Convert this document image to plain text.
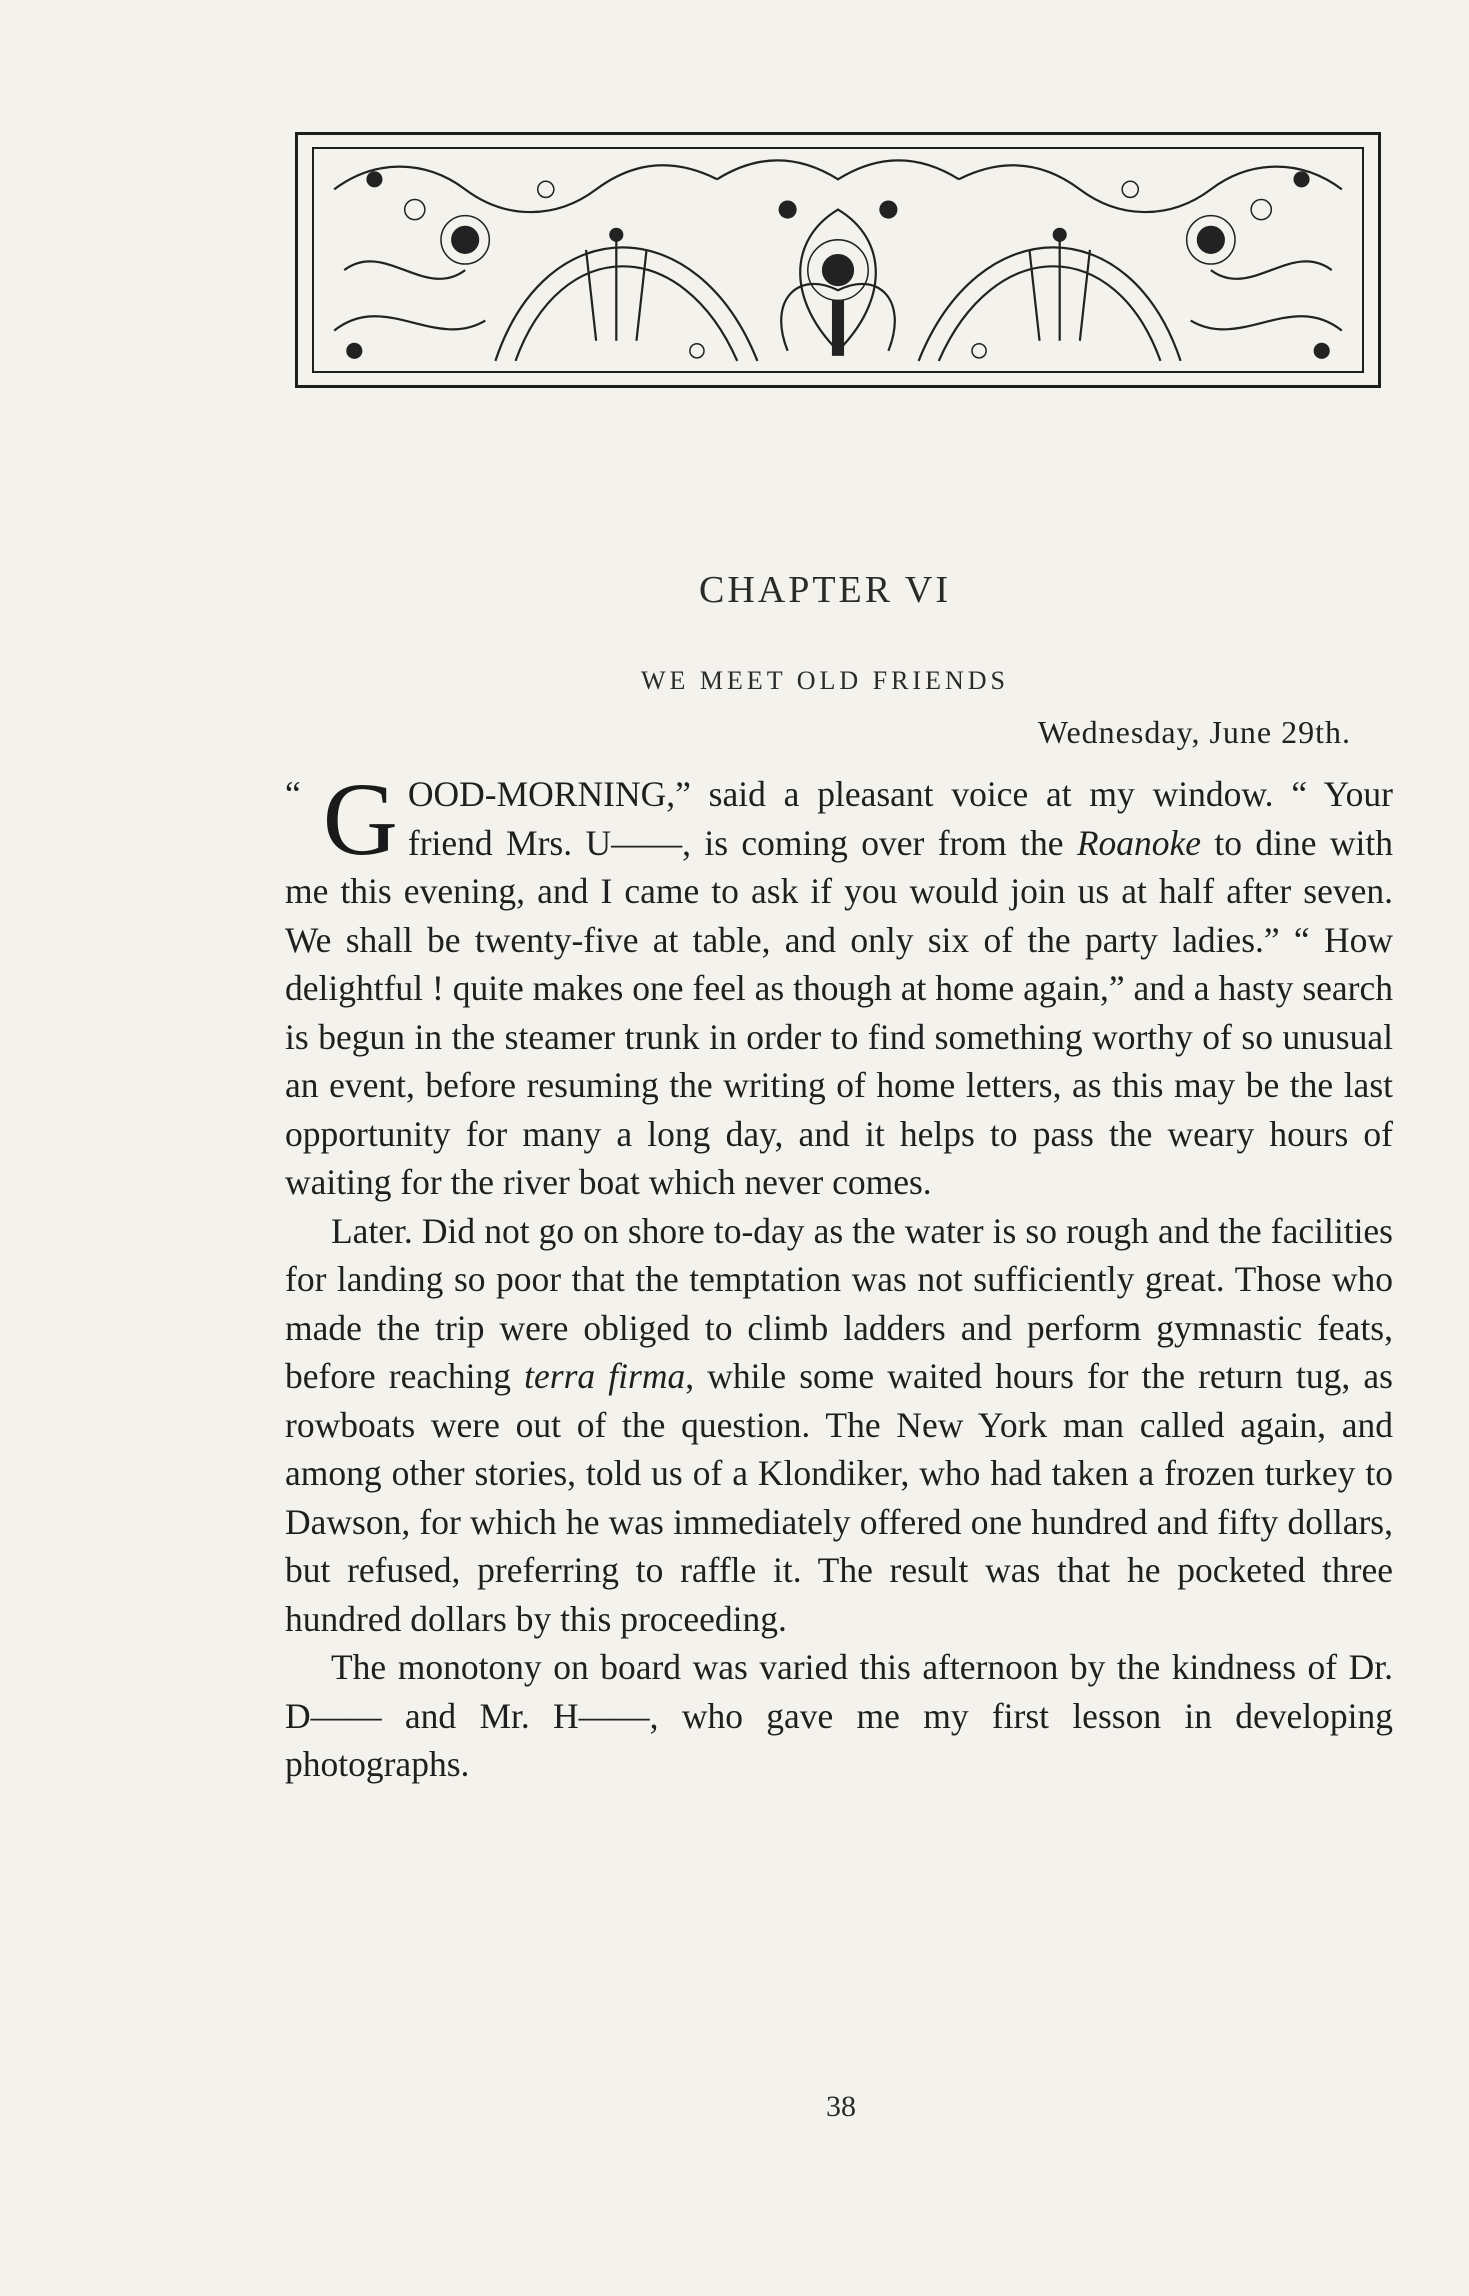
CHAPTER VI
WE MEET OLD FRIENDS
Wednesday, June 29th.

“ G OOD-MORNING,” said a pleasant voice at my window. “ Your friend Mrs. U——, is coming over from the Roanoke to dine with me this evening, and I came to ask if you would join us at half after seven. We shall be twenty-five at table, and only six of the party ladies.” “ How delightful ! quite makes one feel as though at home again,” and a hasty search is begun in the steamer trunk in order to find something worthy of so unusual an event, before resuming the writing of home letters, as this may be the last opportunity for many a long day, and it helps to pass the weary hours of waiting for the river boat which never comes.

Later. Did not go on shore to-day as the water is so rough and the facilities for landing so poor that the temptation was not sufficiently great. Those who made the trip were obliged to climb ladders and perform gymnastic feats, before reaching terra firma, while some waited hours for the return tug, as rowboats were out of the question. The New York man called again, and among other stories, told us of a Klondiker, who had taken a frozen turkey to Dawson, for which he was immediately offered one hundred and fifty dollars, but refused, preferring to raffle it. The result was that he pocketed three hundred dollars by this proceeding.

The monotony on board was varied this afternoon by the kindness of Dr. D—— and Mr. H——, who gave me my first lesson in developing photographs.

38
